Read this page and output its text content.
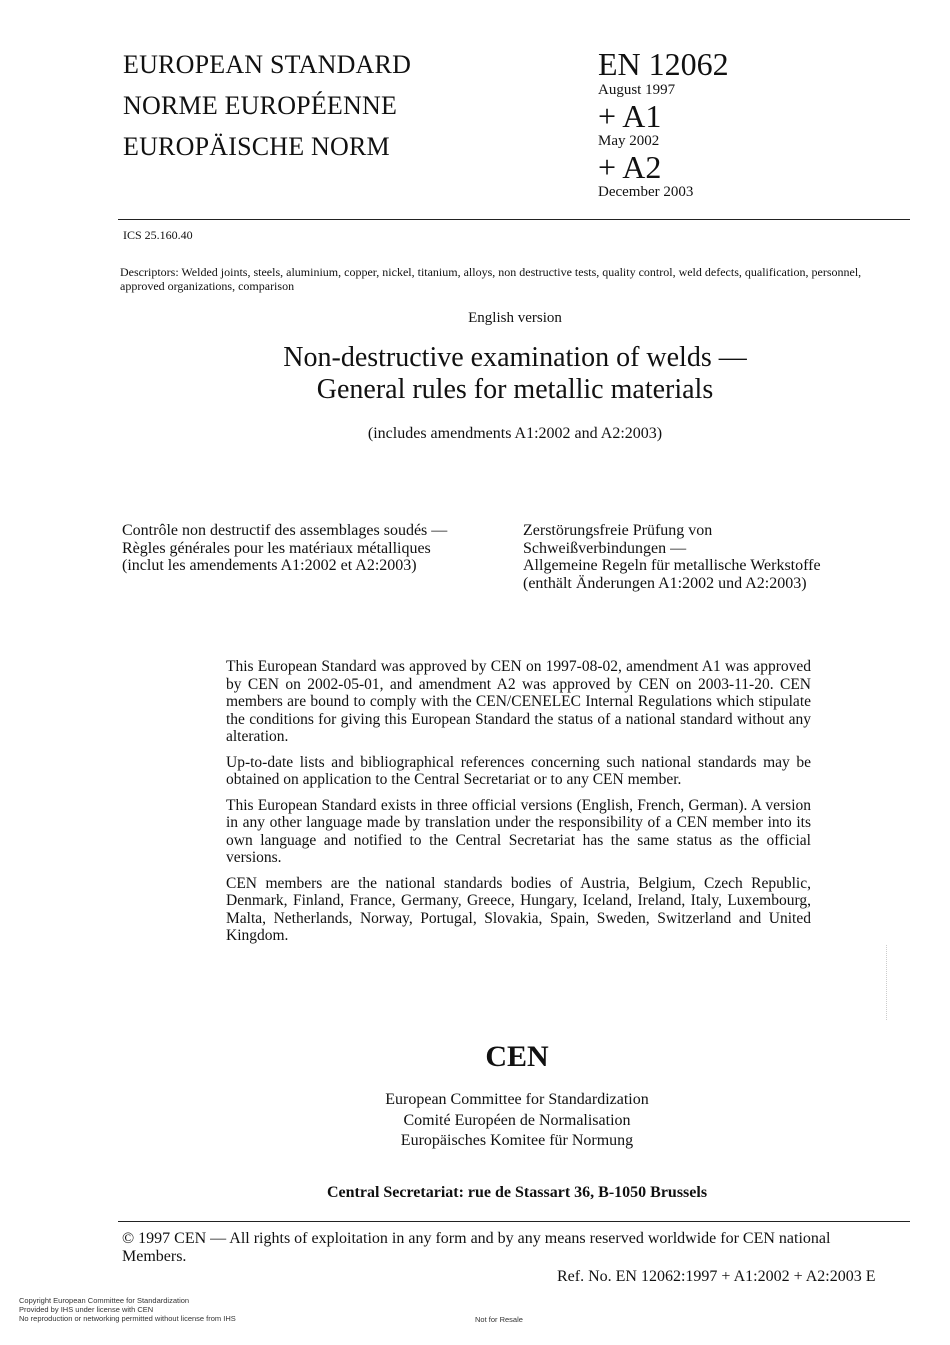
EUROPEAN STANDARD
NORME EUROPÉENNE
EUROPÄISCHE NORM
EN 12062
August 1997
+ A1
May 2002
+ A2
December 2003
ICS 25.160.40
Descriptors: Welded joints, steels, aluminium, copper, nickel, titanium, alloys, non destructive tests, quality control, weld defects, qualification, personnel, approved organizations, comparison
English version
Non-destructive examination of welds —
General rules for metallic materials
(includes amendments A1:2002 and A2:2003)
Contrôle non destructif des assemblages soudés —
Règles générales pour les matériaux métalliques
(inclut les amendements A1:2002 et A2:2003)
Zerstörungsfreie Prüfung von
Schweißverbindungen —
Allgemeine Regeln für metallische Werkstoffe
(enthält Änderungen A1:2002 und A2:2003)

This European Standard was approved by CEN on 1997-08-02, amendment A1 was approved by CEN on 2002-05-01, and amendment A2 was approved by CEN on 2003-11-20. CEN members are bound to comply with the CEN/CENELEC Internal Regulations which stipulate the conditions for giving this European Standard the status of a national standard without any alteration.

Up-to-date lists and bibliographical references concerning such national standards may be obtained on application to the Central Secretariat or to any CEN member.

This European Standard exists in three official versions (English, French, German). A version in any other language made by translation under the responsibility of a CEN member into its own language and notified to the Central Secretariat has the same status as the official versions.

CEN members are the national standards bodies of Austria, Belgium, Czech Republic, Denmark, Finland, France, Germany, Greece, Hungary, Iceland, Ireland, Italy, Luxembourg, Malta, Netherlands, Norway, Portugal, Slovakia, Spain, Sweden, Switzerland and United Kingdom.

CEN
European Committee for Standardization
Comité Européen de Normalisation
Europäisches Komitee für Normung
Central Secretariat: rue de Stassart 36, B-1050 Brussels
© 1997 CEN — All rights of exploitation in any form and by any means reserved worldwide for CEN national Members.
Ref. No. EN 12062:1997 + A1:2002 + A2:2003 E
Copyright European Committee for Standardization
Provided by IHS under license with CEN
No reproduction or networking permitted without license from IHS	Not for Resale
